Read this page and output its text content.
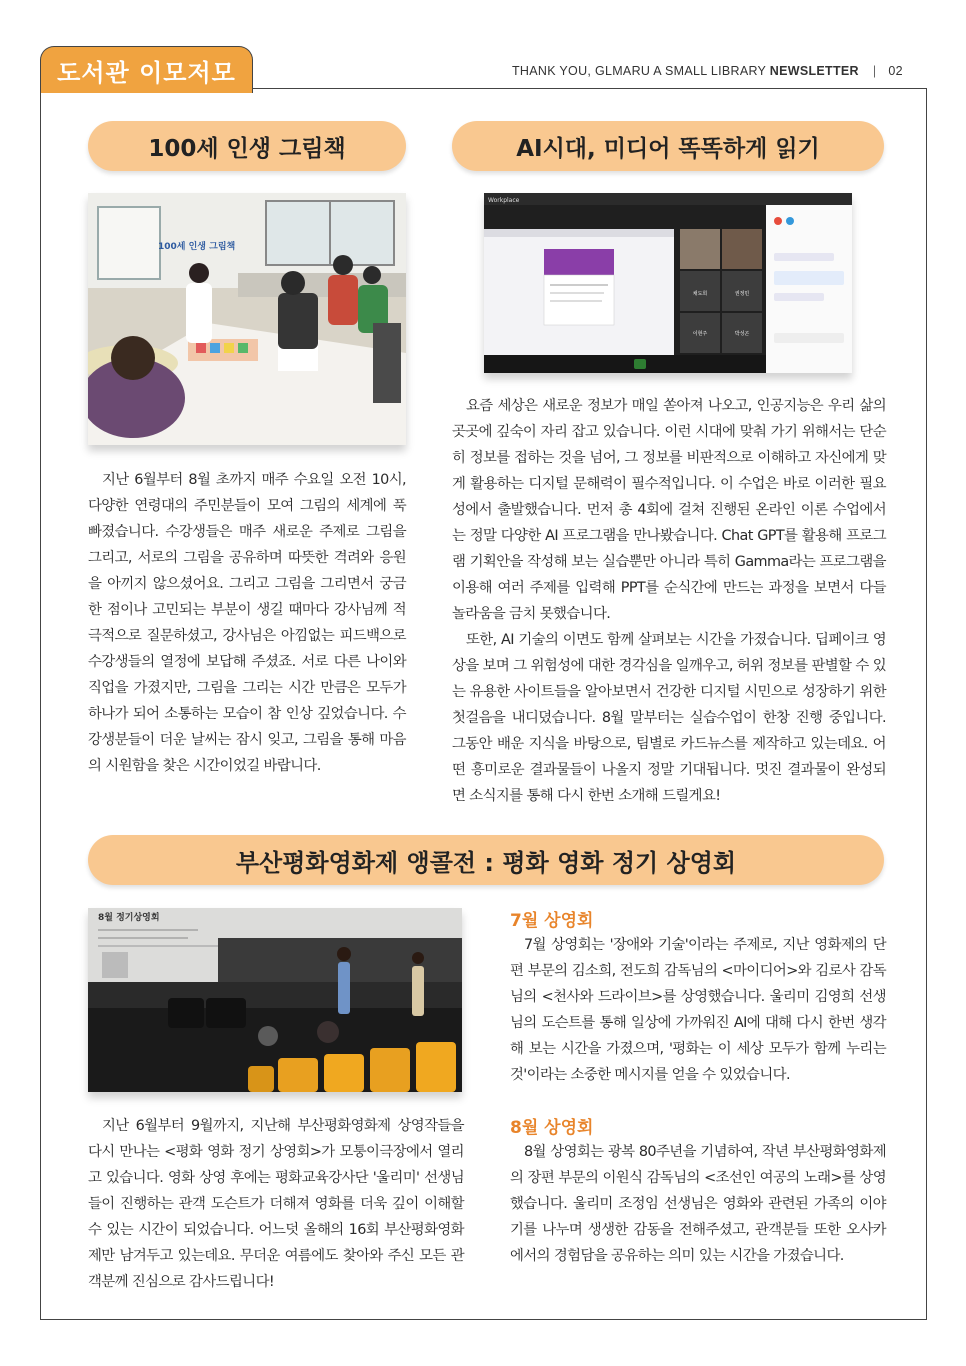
도서관 이모저모	THANK YOU, GLMARU A SMALL LIBRARY NEWSLETTER | 02
100세 인생 그림책
100세 인생 그림책

지난 6월부터 8월 초까지 매주 수요일 오전 10시, 다양한 연령대의 주민분들이 모여 그림의 세계에 푹 빠졌습니다. 수강생들은 매주 새로운 주제로 그림을 그리고, 서로의 그림을 공유하며 따뜻한 격려와 응원을 아끼지 않으셨어요. 그리고 그림을 그리면서 궁금한 점이나 고민되는 부분이 생길 때마다 강사님께 적극적으로 질문하셨고, 강사님은 아낌없는 피드백으로 수강생들의 열정에 보답해 주셨죠. 서로 다른 나이와 직업을 가졌지만, 그림을 그리는 시간 만큼은 모두가 하나가 되어 소통하는 모습이 참 인상 깊었습니다. 수강생분들이 더운 날씨는 잠시 잊고, 그림을 통해 마음의 시원함을 찾은 시간이었길 바랍니다.

AI시대, 미디어 똑똑하게 읽기
Workplace
채도희	권정민
이현주	박성곤

요즘 세상은 새로운 정보가 매일 쏟아져 나오고, 인공지능은 우리 삶의 곳곳에 깊숙이 자리 잡고 있습니다. 이런 시대에 맞춰 가기 위해서는 단순히 정보를 접하는 것을 넘어, 그 정보를 비판적으로 이해하고 자신에게 맞게 활용하는 디지털 문해력이 필수적입니다. 이 수업은 바로 이러한 필요성에서 출발했습니다. 먼저 총 4회에 걸쳐 진행된 온라인 이론 수업에서는 정말 다양한 AI 프로그램을 만나봤습니다. Chat GPT를 활용해 프로그램 기획안을 작성해 보는 실습뿐만 아니라 특히 Gamma라는 프로그램을 이용해 여러 주제를 입력해 PPT를 순식간에 만드는 과정을 보면서 다들 놀라움을 금치 못했습니다.

또한, AI 기술의 이면도 함께 살펴보는 시간을 가졌습니다. 딥페이크 영상을 보며 그 위험성에 대한 경각심을 일깨우고, 허위 정보를 판별할 수 있는 유용한 사이트들을 알아보면서 건강한 디지털 시민으로 성장하기 위한 첫걸음을 내디뎠습니다. 8월 말부터는 실습수업이 한창 진행 중입니다. 그동안 배운 지식을 바탕으로, 팀별로 카드뉴스를 제작하고 있는데요. 어떤 흥미로운 결과물들이 나올지 정말 기대됩니다. 멋진 결과물이 완성되면 소식지를 통해 다시 한번 소개해 드릴게요!

부산평화영화제 앵콜전 : 평화 영화 정기 상영회
8월 정기상영회

지난 6월부터 9월까지, 지난해 부산평화영화제 상영작들을 다시 만나는 <평화 영화 정기 상영회>가 모퉁이극장에서 열리고 있습니다. 영화 상영 후에는 평화교육강사단 '울리미' 선생님들이 진행하는 관객 도슨트가 더해져 영화를 더욱 깊이 이해할 수 있는 시간이 되었습니다. 어느덧 올해의 16회 부산평화영화제만 남겨두고 있는데요. 무더운 여름에도 찾아와 주신 모든 관객분께 진심으로 감사드립니다!

7월 상영회

7월 상영회는 '장애와 기술'이라는 주제로, 지난 영화제의 단편 부문의 김소희, 전도희 감독님의 <마이디어>와 김로사 감독님의 <천사와 드라이브>를 상영했습니다. 울리미 김영희 선생님의 도슨트를 통해 일상에 가까워진 AI에 대해 다시 한번 생각해 보는 시간을 가졌으며, '평화는 이 세상 모두가 함께 누리는 것'이라는 소중한 메시지를 얻을 수 있었습니다.

8월 상영회

8월 상영회는 광복 80주년을 기념하여, 작년 부산평화영화제의 장편 부문의 이원식 감독님의 <조선인 여공의 노래>를 상영했습니다. 울리미 조정임 선생님은 영화와 관련된 가족의 이야기를 나누며 생생한 감동을 전해주셨고, 관객분들 또한 오사카에서의 경험담을 공유하는 의미 있는 시간을 가졌습니다.
